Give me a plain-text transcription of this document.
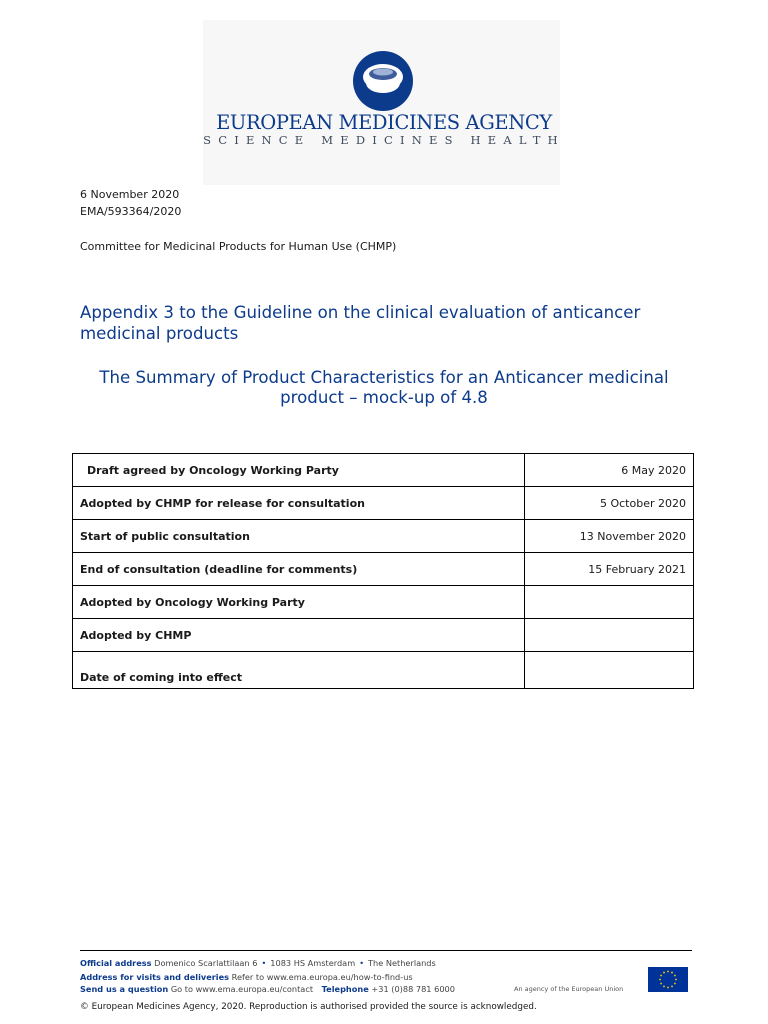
EUROPEAN MEDICINES AGENCY
SCIENCE MEDICINES HEALTH
6 November 2020
EMA/593364/2020
Committee for Medicinal Products for Human Use (CHMP)
Appendix 3 to the Guideline on the clinical evaluation of anticancer medicinal products
The Summary of Product Characteristics for an Anticancer medicinal product – mock-up of 4.8
Draft agreed by Oncology Working Party	6 May 2020
Adopted by CHMP for release for consultation	5 October 2020
Start of public consultation	13 November 2020
End of consultation (deadline for comments)	15 February 2021
Adopted by Oncology Working Party	
Adopted by CHMP	
Date of coming into effect	
Official address Domenico Scarlattilaan 6 • 1083 HS Amsterdam • The Netherlands
Address for visits and deliveries Refer to www.ema.europa.eu/how-to-find-us
Send us a question Go to www.ema.europa.eu/contact Telephone +31 (0)88 781 6000	An agency of the European Union
© European Medicines Agency, 2020. Reproduction is authorised provided the source is acknowledged.
